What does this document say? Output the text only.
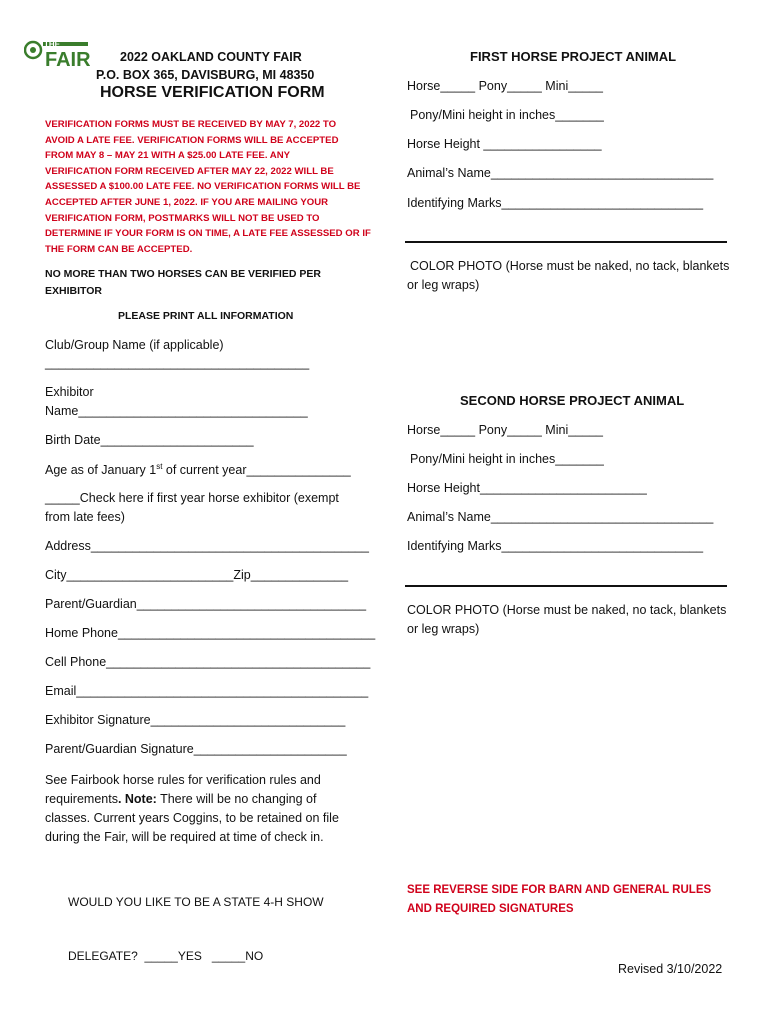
THE
FAIR 2022 OAKLAND COUNTY FAIR
P.O. BOX 365, DAVISBURG, MI 48350
HORSE VERIFICATION FORM

VERIFICATION FORMS MUST BE RECEIVED BY MAY 7, 2022 TO

AVOID A LATE FEE. VERIFICATION FORMS WILL BE ACCEPTED

FROM MAY 8 – MAY 21 WITH A $25.00 LATE FEE. ANY

VERIFICATION FORM RECEIVED AFTER MAY 22, 2022 WILL BE

ASSESSED A $100.00 LATE FEE. NO VERIFICATION FORMS WILL BE

ACCEPTED AFTER JUNE 1, 2022. IF YOU ARE MAILING YOUR

VERIFICATION FORM, POSTMARKS WILL NOT BE USED TO

DETERMINE IF YOUR FORM IS ON TIME, A LATE FEE ASSESSED OR IF

THE FORM CAN BE ACCEPTED.

NO MORE THAN TWO HORSES CAN BE VERIFIED PER
EXHIBITOR
PLEASE PRINT ALL INFORMATION
Club/Group Name (if applicable)
______________________________________
Exhibitor
Name_________________________________
Birth Date______________________
Age as of January 1st of current year_______________
_____Check here if first year horse exhibitor (exempt
from late fees)
Address________________________________________
City________________________Zip______________
Parent/Guardian_________________________________
Home Phone_____________________________________
Cell Phone______________________________________
Email__________________________________________
Exhibitor Signature____________________________
Parent/Guardian Signature______________________
See Fairbook horse rules for verification rules and
requirements. Note: There will be no changing of
classes. Current years Coggins, to be retained on file
during the Fair, will be required at time of check in.

WOULD YOU LIKE TO BE A STATE 4-H SHOW

DELEGATE?  _____YES   _____NO

FIRST HORSE PROJECT ANIMAL
Horse_____ Pony_____ Mini_____
Pony/Mini height in inches_______
Horse Height _________________
Animal’s Name________________________________
Identifying Marks_____________________________
COLOR PHOTO (Horse must be naked, no tack, blankets
or leg wraps)
SECOND HORSE PROJECT ANIMAL
Horse_____ Pony_____ Mini_____
Pony/Mini height in inches_______
Horse Height________________________
Animal’s Name________________________________
Identifying Marks_____________________________
COLOR PHOTO (Horse must be naked, no tack, blankets
or leg wraps)
SEE REVERSE SIDE FOR BARN AND GENERAL RULES
AND REQUIRED SIGNATURES
Revised 3/10/2022
